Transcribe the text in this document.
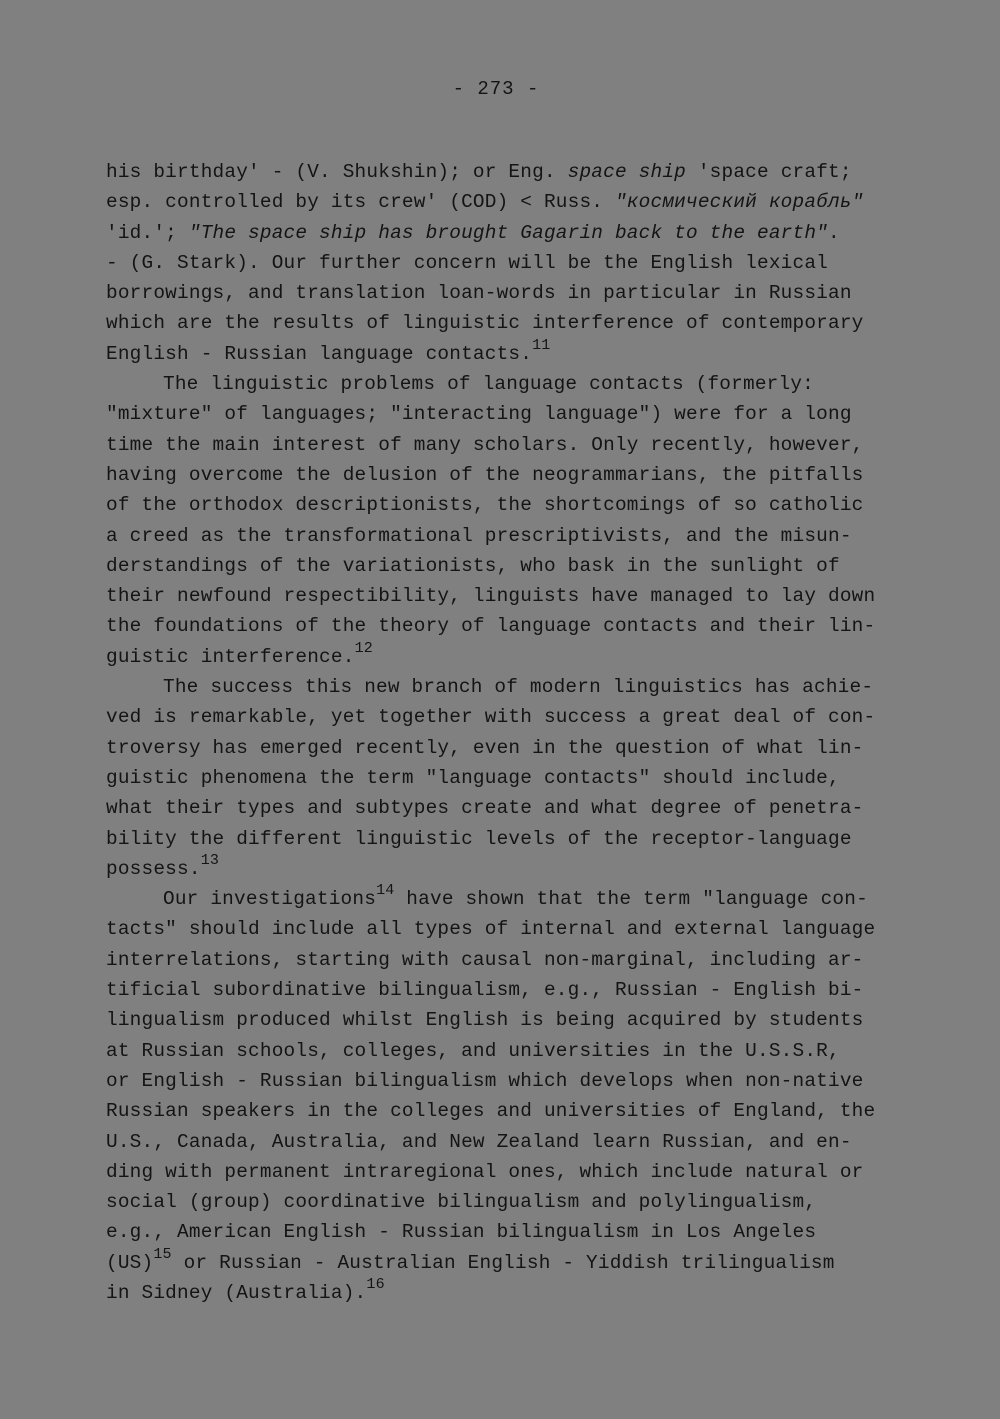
- 273 -
his birthday' - (V. Shukshin); or Eng. space ship 'space craft;
esp. controlled by its crew' (COD) < Russ. "космический корабль"
'id.'; "The space ship has brought Gagarin back to the earth".
- (G. Stark). Our further concern will be the English lexical
borrowings, and translation loan-words in particular in Russian
which are the results of linguistic interference of contemporary
English - Russian language contacts.$^{11}$
The linguistic problems of language contacts (formerly:
"mixture" of languages; "interacting language") were for a long
time the main interest of many scholars. Only recently, however,
having overcome the delusion of the neogrammarians, the pitfalls
of the orthodox descriptionists, the shortcomings of so catholic
a creed as the transformational prescriptivists, and the misun-
derstandings of the variationists, who bask in the sunlight of
their newfound respectibility, linguists have managed to lay down
the foundations of the theory of language contacts and their lin-
guistic interference.$^{12}$
The success this new branch of modern linguistics has achie-
ved is remarkable, yet together with success a great deal of con-
troversy has emerged recently, even in the question of what lin-
guistic phenomena the term "language contacts" should include,
what their types and subtypes create and what degree of penetra-
bility the different linguistic levels of the receptor-language
possess.$^{13}$
Our investigations$^{14}$ have shown that the term "language con-
tacts" should include all types of internal and external language
interrelations, starting with causal non-marginal, including ar-
tificial subordinative bilingualism, e.g., Russian - English bi-
lingualism produced whilst English is being acquired by students
at Russian schools, colleges, and universities in the U.S.S.R,
or English - Russian bilingualism which develops when non-native
Russian speakers in the colleges and universities of England, the
U.S., Canada, Australia, and New Zealand learn Russian, and en-
ding with permanent intraregional ones, which include natural or
social (group) coordinative bilingualism and polylingualism,
e.g., American English - Russian bilingualism in Los Angeles
(US)$^{15}$ or Russian - Australian English - Yiddish trilingualism
in Sidney (Australia).$^{16}$
